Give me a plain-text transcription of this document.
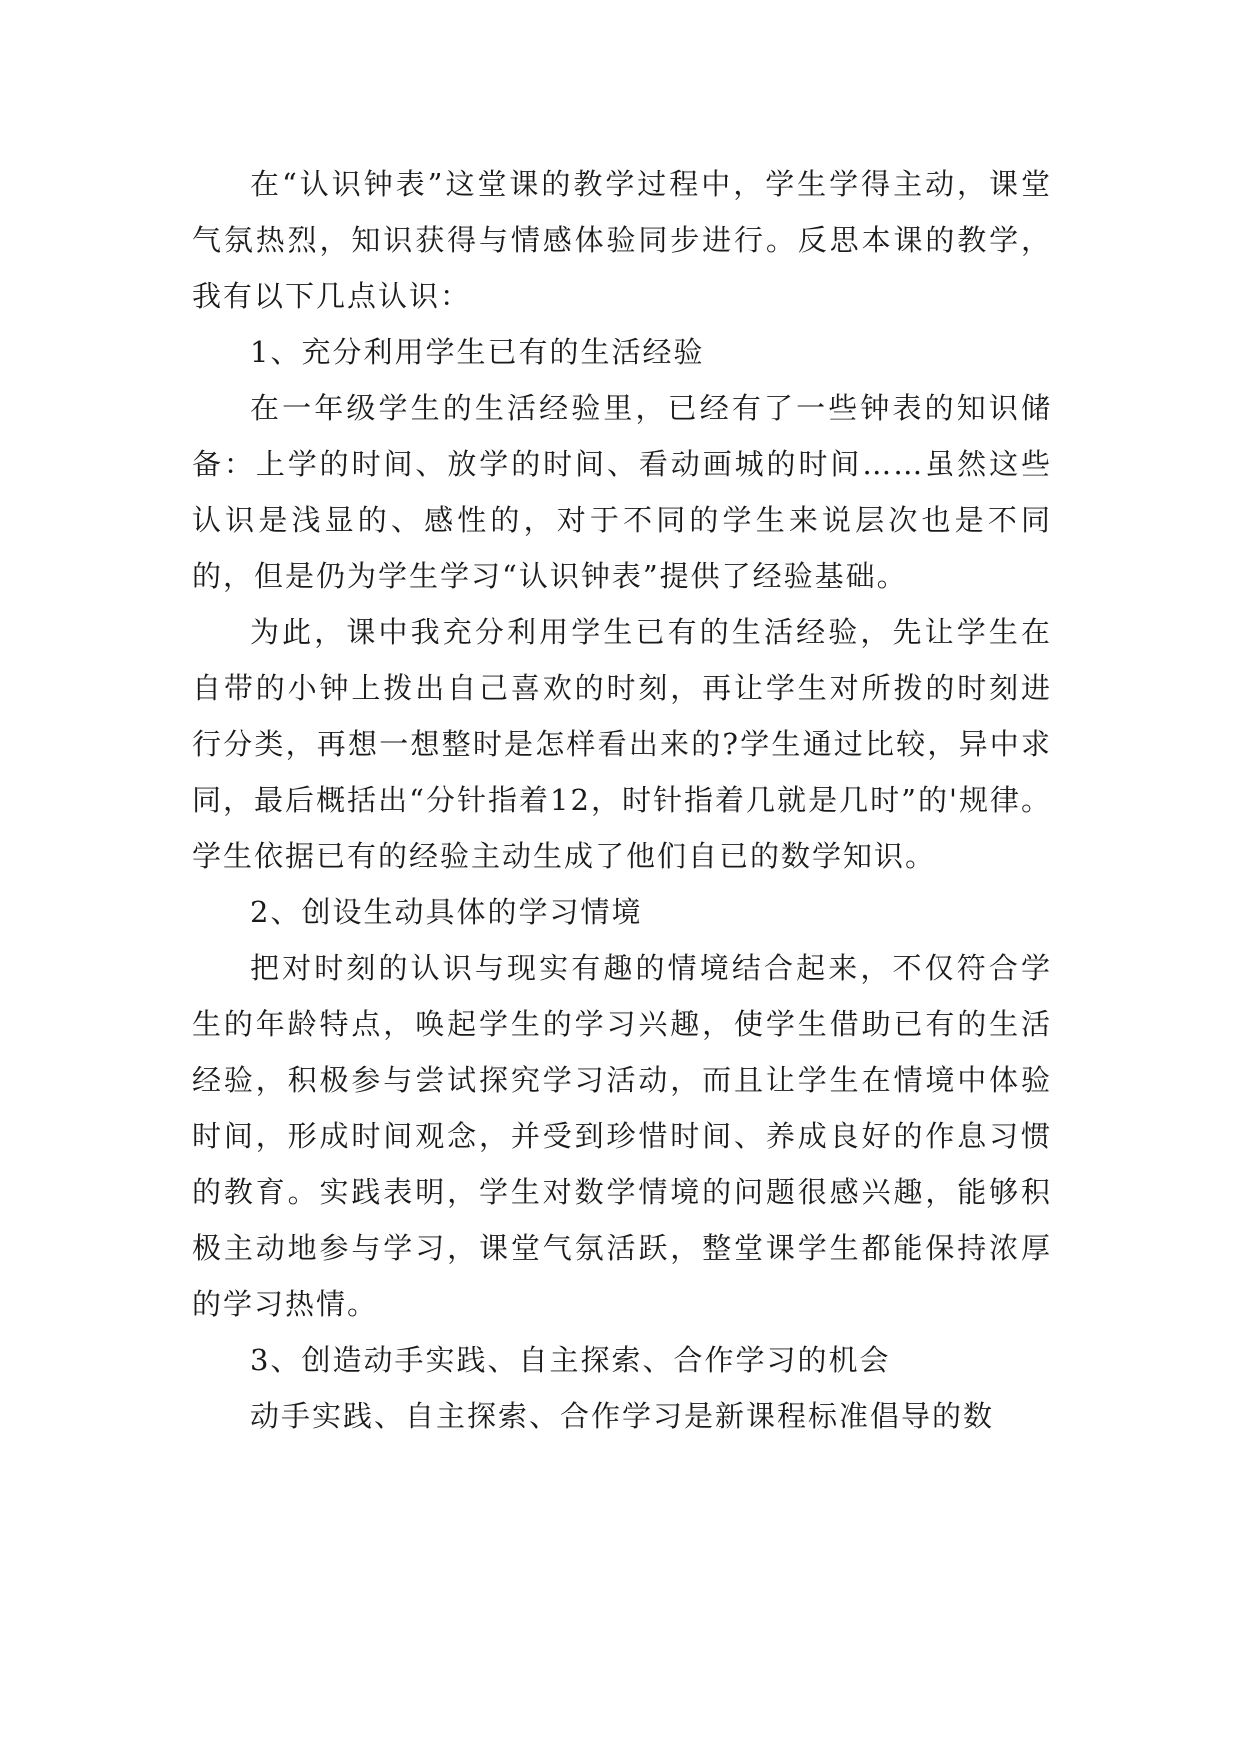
在“认识钟表”这堂课的教学过程中，学生学得主动，课堂气氛热烈，知识获得与情感体验同步进行。反思本课的教学，我有以下几点认识：

1、充分利用学生已有的生活经验

在一年级学生的生活经验里，已经有了一些钟表的知识储备：上学的时间、放学的时间、看动画城的时间……虽然这些认识是浅显的、感性的，对于不同的学生来说层次也是不同的，但是仍为学生学习“认识钟表”提供了经验基础。

为此，课中我充分利用学生已有的生活经验，先让学生在自带的小钟上拨出自己喜欢的时刻，再让学生对所拨的时刻进行分类，再想一想整时是怎样看出来的?学生通过比较，异中求同，最后概括出“分针指着12，时针指着几就是几时”的'规律。学生依据已有的经验主动生成了他们自已的数学知识。

2、创设生动具体的学习情境

把对时刻的认识与现实有趣的情境结合起来，不仅符合学生的年龄特点，唤起学生的学习兴趣，使学生借助已有的生活经验，积极参与尝试探究学习活动，而且让学生在情境中体验时间，形成时间观念，并受到珍惜时间、养成良好的作息习惯的教育。实践表明，学生对数学情境的问题很感兴趣，能够积极主动地参与学习，课堂气氛活跃，整堂课学生都能保持浓厚的学习热情。

3、创造动手实践、自主探索、合作学习的机会

动手实践、自主探索、合作学习是新课程标准倡导的数
